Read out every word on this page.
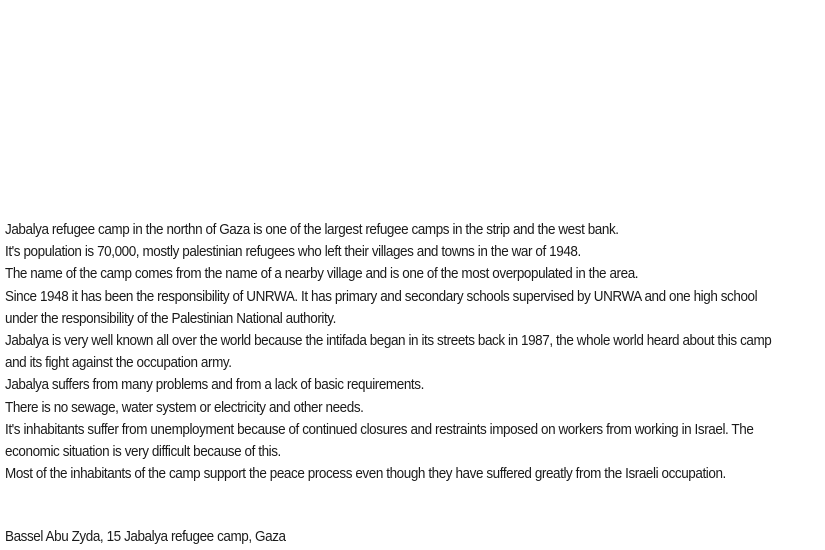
Jabalya refugee camp in the northn of Gaza is one of the largest refugee camps in the strip and the west bank.
It's population is 70,000, mostly palestinian refugees who left their villages and towns in the war of 1948.
The name of the camp comes from the name of a nearby village and is one of the most overpopulated in the area.
Since 1948 it has been the responsibility of UNRWA. It has primary and secondary schools supervised by UNRWA and one high school
under the responsibility of the Palestinian National authority.
Jabalya is very well known all over the world because the intifada began in its streets back in 1987, the whole world heard about this camp
and its fight against the occupation army.
Jabalya suffers from many problems and from a lack of basic requirements.
There is no sewage, water system or electricity and other needs.
It's inhabitants suffer from unemployment because of continued closures and restraints imposed on workers from working in Israel. The
economic situation is very difficult because of this.
Most of the inhabitants of the camp support the peace process even though they have suffered greatly from the Israeli occupation.
Bassel Abu Zyda, 15 Jabalya refugee camp, Gaza
